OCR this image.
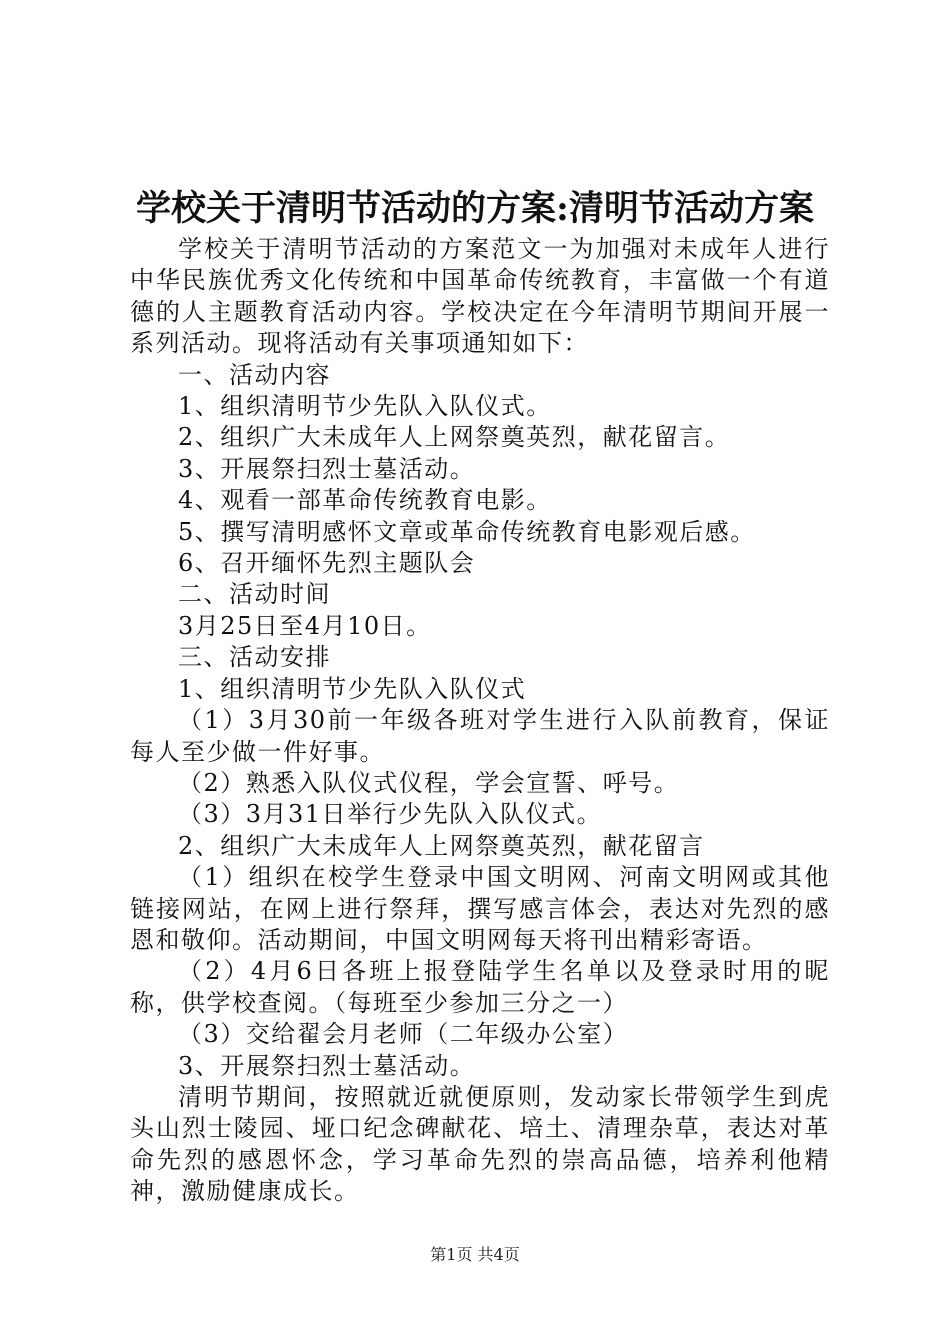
学校关于清明节活动的方案:清明节活动方案

学校关于清明节活动的方案范文一为加强对未成年人进行中华民族优秀文化传统和中国革命传统教育，丰富做一个有道德的人主题教育活动内容。学校决定在今年清明节期间开展一系列活动。现将活动有关事项通知如下：

一、活动内容

1、组织清明节少先队入队仪式。

2、组织广大未成年人上网祭奠英烈，献花留言。

3、开展祭扫烈士墓活动。

4、观看一部革命传统教育电影。

5、撰写清明感怀文章或革命传统教育电影观后感。

6、召开缅怀先烈主题队会

二、活动时间

3月25日至4月10日。

三、活动安排

1、组织清明节少先队入队仪式

（1）3月30前一年级各班对学生进行入队前教育，保证每人至少做一件好事。

（2）熟悉入队仪式仪程，学会宣誓、呼号。

（3）3月31日举行少先队入队仪式。

2、组织广大未成年人上网祭奠英烈，献花留言

（1）组织在校学生登录中国文明网、河南文明网或其他链接网站，在网上进行祭拜，撰写感言体会，表达对先烈的感恩和敬仰。活动期间，中国文明网每天将刊出精彩寄语。

（2）4月6日各班上报登陆学生名单以及登录时用的昵称，供学校查阅。（每班至少参加三分之一）

（3）交给翟会月老师（二年级办公室）

3、开展祭扫烈士墓活动。

清明节期间，按照就近就便原则，发动家长带领学生到虎头山烈士陵园、垭口纪念碑献花、培土、清理杂草，表达对革命先烈的感恩怀念，学习革命先烈的崇高品德，培养利他精神，激励健康成长。

第1页 共4页
